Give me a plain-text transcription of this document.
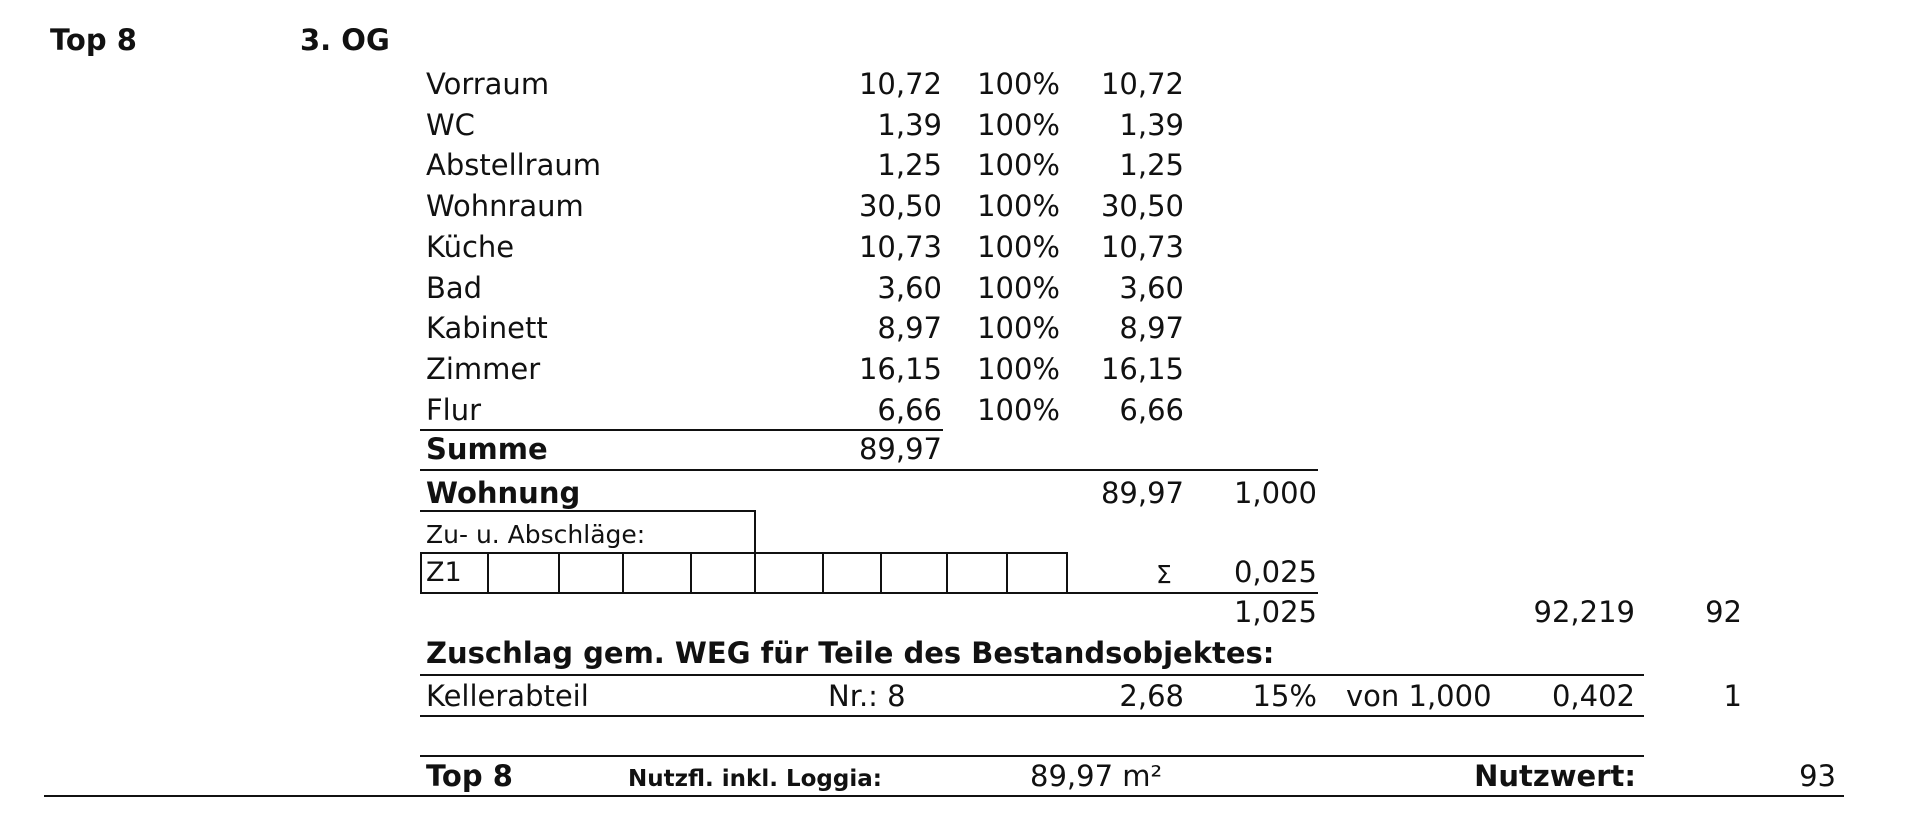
Top 8	3. OG
Vorraum	10,72	100%	10,72
WC	1,39	100%	1,39
Abstellraum	1,25	100%	1,25
Wohnraum	30,50	100%	30,50
Küche	10,73	100%	10,73
Bad	3,60	100%	3,60
Kabinett	8,97	100%	8,97
Zimmer	16,15	100%	16,15
Flur	6,66	100%	6,66
Summe	89,97
Wohnung	89,97	1,000
Zu- u. Abschläge:
Z1	Σ	0,025
1,025	92,219	92
Zuschlag gem. WEG für Teile des Bestandsobjektes:
Kellerabteil	Nr.: 8	2,68	15% von 1,000	0,402	1
Top 8	Nutzfl. inkl. Loggia:	89,97 m²	Nutzwert:	93
